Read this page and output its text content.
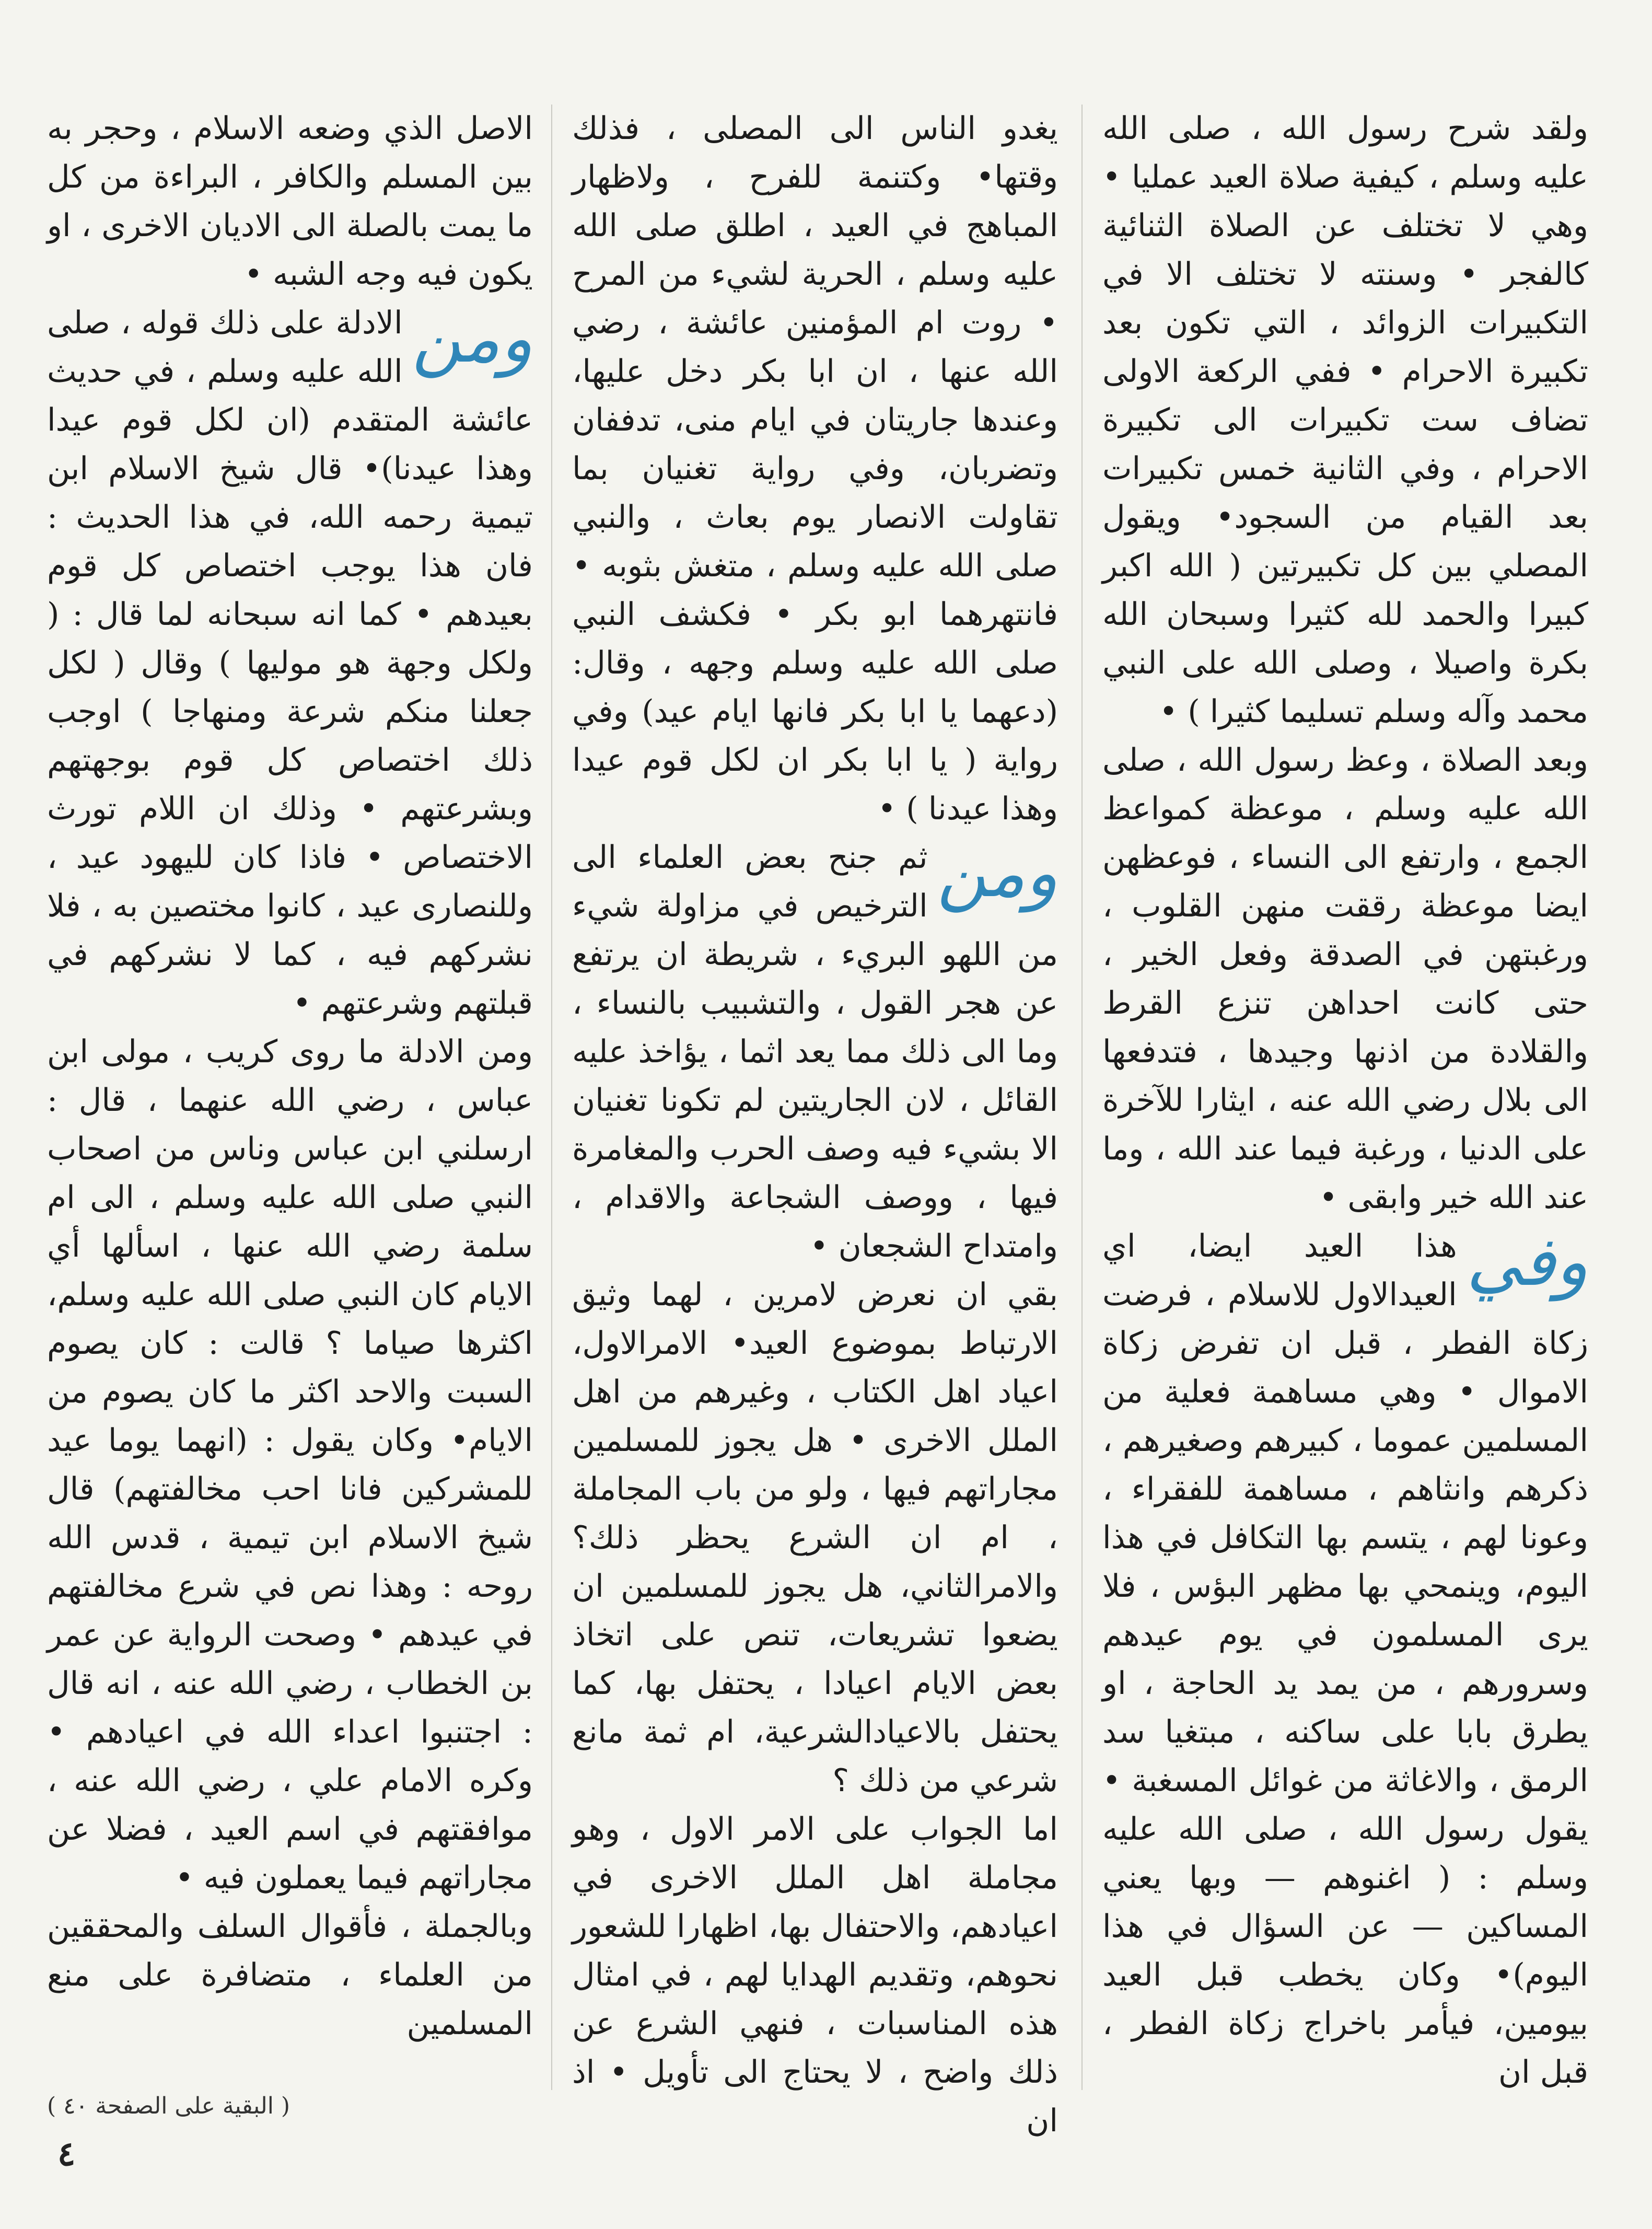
ولقد شرح رسول الله ، صلى الله عليه وسلم ، كيفية صلاة العيد عمليا • وهي لا تختلف عن الصلاة الثنائية كالفجر • وسنته لا تختلف الا في التكبيرات الزوائد ، التي تكون بعد تكبيرة الاحرام • ففي الركعة الاولى تضاف ست تكبيرات الى تكبيرة الاحرام ، وفي الثانية خمس تكبيرات بعد القيام من السجود• ويقول المصلي بين كل تكبيرتين ( الله اكبر كبيرا والحمد لله كثيرا وسبحان الله بكرة واصيلا ، وصلى الله على النبي محمد وآله وسلم تسليما كثيرا ) •

وبعد الصلاة ، وعظ رسول الله ، صلى الله عليه وسلم ، موعظة كمواعظ الجمع ، وارتفع الى النساء ، فوعظهن ايضا موعظة رققت منهن القلوب ، ورغبتهن في الصدقة وفعل الخير ، حتى كانت احداهن تنزع القرط والقلادة من اذنها وجيدها ، فتدفعها الى بلال رضي الله عنه ، ايثارا للآخرة على الدنيا ، ورغبة فيما عند الله ، وما عند الله خير وابقى •

وفي
هذا العيد ايضا، اي العيدالاول للاسلام ، فرضت زكاة الفطر ، قبل ان تفرض زكاة الاموال • وهي مساهمة فعلية من المسلمين عموما ، كبيرهم وصغيرهم ، ذكرهم وانثاهم ، مساهمة للفقراء ، وعونا لهم ، يتسم بها التكافل في هذا اليوم، وينمحي بها مظهر البؤس ، فلا يرى المسلمون في يوم عيدهم وسرورهم ، من يمد يد الحاجة ، او يطرق بابا على ساكنه ، مبتغيا سد الرمق ، والاغاثة من غوائل المسغبة • يقول رسول الله ، صلى الله عليه وسلم : ( اغنوهم — وبها يعني المساكين — عن السؤال في هذا اليوم)• وكان يخطب قبل العيد بيومين، فيأمر باخراج زكاة الفطر ، قبل ان

يغدو الناس الى المصلى ، فذلك وقتها• وكتنمة للفرح ، ولاظهار المباهج في العيد ، اطلق صلى الله عليه وسلم ، الحرية لشيء من المرح • روت ام المؤمنين عائشة ، رضي الله عنها ، ان ابا بكر دخل عليها، وعندها جاريتان في ايام منى، تدففان وتضربان، وفي رواية تغنيان بما تقاولت الانصار يوم بعاث ، والنبي صلى الله عليه وسلم ، متغش بثوبه • فانتهرهما ابو بكر • فكشف النبي صلى الله عليه وسلم وجهه ، وقال: (دعهما يا ابا بكر فانها ايام عيد) وفي رواية ( يا ابا بكر ان لكل قوم عيدا وهذا عيدنا ) •

ومن
ثم جنح بعض العلماء الى الترخيص في مزاولة شيء من اللهو البريء ، شريطة ان يرتفع عن هجر القول ، والتشبيب بالنساء ، وما الى ذلك مما يعد اثما ، يؤاخذ عليه القائل ، لان الجاريتين لم تكونا تغنيان الا بشيء فيه وصف الحرب والمغامرة فيها ، ووصف الشجاعة والاقدام ، وامتداح الشجعان •

بقي ان نعرض لامرين ، لهما وثيق الارتباط بموضوع العيد• الامرالاول، اعياد اهل الكتاب ، وغيرهم من اهل الملل الاخرى • هل يجوز للمسلمين مجاراتهم فيها ، ولو من باب المجاملة ، ام ان الشرع يحظر ذلك؟ والامرالثاني، هل يجوز للمسلمين ان يضعوا تشريعات، تنص على اتخاذ بعض الايام اعيادا ، يحتفل بها، كما يحتفل بالاعيادالشرعية، ام ثمة مانع شرعي من ذلك ؟

اما الجواب على الامر الاول ، وهو مجاملة اهل الملل الاخرى في اعيادهم، والاحتفال بها، اظهارا للشعور نحوهم، وتقديم الهدايا لهم ، في امثال هذه المناسبات ، فنهي الشرع عن ذلك واضح ، لا يحتاج الى تأويل • اذ ان

الاصل الذي وضعه الاسلام ، وحجر به بين المسلم والكافر ، البراءة من كل ما يمت بالصلة الى الاديان الاخرى ، او يكون فيه وجه الشبه •

ومن
الادلة على ذلك قوله ، صلى الله عليه وسلم ، في حديث عائشة المتقدم (ان لكل قوم عيدا وهذا عيدنا)• قال شيخ الاسلام ابن تيمية رحمه الله، في هذا الحديث : فان هذا يوجب اختصاص كل قوم بعيدهم • كما انه سبحانه لما قال : ( ولكل وجهة هو موليها ) وقال ( لكل جعلنا منكم شرعة ومنهاجا ) اوجب ذلك اختصاص كل قوم بوجهتهم وبشرعتهم • وذلك ان اللام تورث الاختصاص • فاذا كان لليهود عيد ، وللنصارى عيد ، كانوا مختصين به ، فلا نشركهم فيه ، كما لا نشركهم في قبلتهم وشرعتهم •

ومن الادلة ما روى كريب ، مولى ابن عباس ، رضي الله عنهما ، قال : ارسلني ابن عباس وناس من اصحاب النبي صلى الله عليه وسلم ، الى ام سلمة رضي الله عنها ، اسألها أي الايام كان النبي صلى الله عليه وسلم، اكثرها صياما ؟ قالت : كان يصوم السبت والاحد اكثر ما كان يصوم من الايام• وكان يقول : (انهما يوما عيد للمشركين فانا احب مخالفتهم) قال شيخ الاسلام ابن تيمية ، قدس الله روحه : وهذا نص في شرع مخالفتهم في عيدهم • وصحت الرواية عن عمر بن الخطاب ، رضي الله عنه ، انه قال : اجتنبوا اعداء الله في اعيادهم • وكره الامام علي ، رضي الله عنه ، موافقتهم في اسم العيد ، فضلا عن مجاراتهم فيما يعملون فيه •

وبالجملة ، فأقوال السلف والمحققين من العلماء ، متضافرة على منع المسلمين

( البقية على الصفحة ٤٠ )
٤
